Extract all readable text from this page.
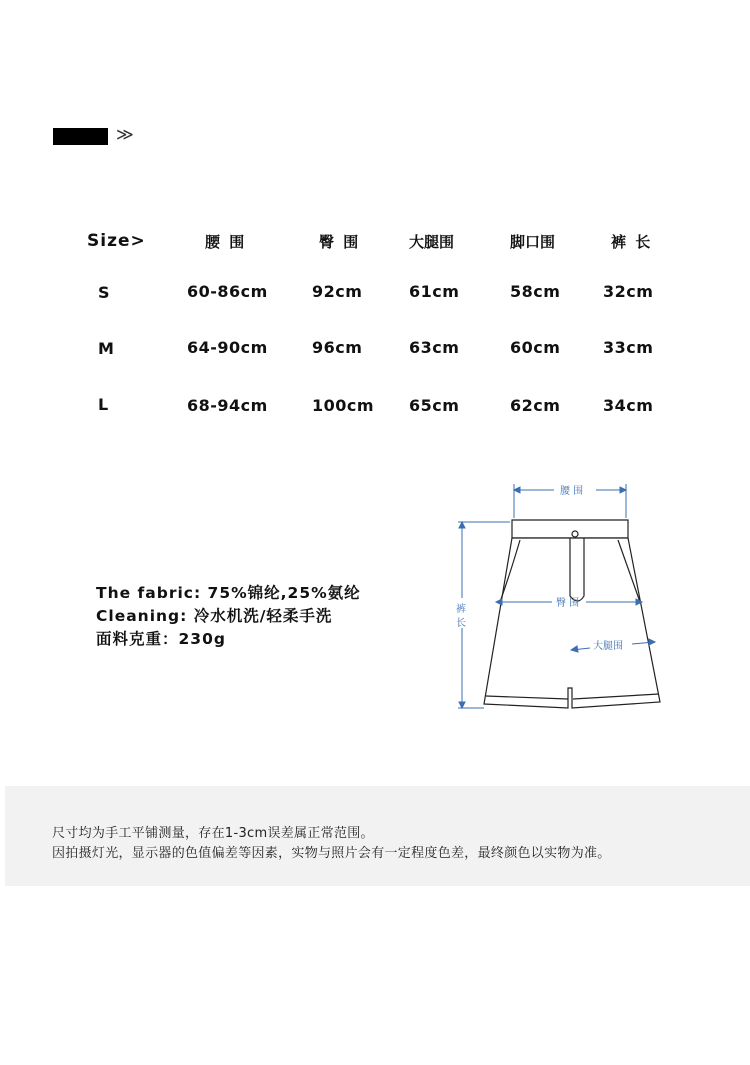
≫
Size>	腰 围	臀 围	大腿围	脚口围	裤 长
S	60-86cm	92cm	61cm	58cm	32cm
M	64-90cm	96cm	63cm	60cm	33cm
L	68-94cm	100cm 65cm	62cm	34cm
The fabric: 75%锦纶,25%氨纶
Cleaning: 冷水机洗/轻柔手洗
面料克重：230g
腰 围
臀 围
大腿围
裤
长
尺寸均为手工平铺测量，存在1-3cm误差属正常范围。
因拍摄灯光，显示器的色值偏差等因素，实物与照片会有一定程度色差，最终颜色以实物为准。
